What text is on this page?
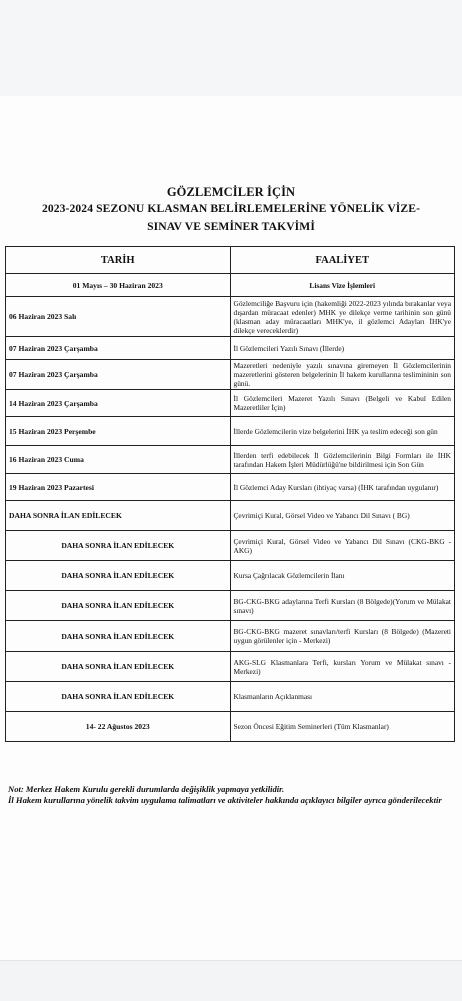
GÖZLEMCİLER İÇİN
2023-2024 SEZONU KLASMAN BELİRLEMELERİNE YÖNELİK VİZE-
SINAV VE SEMİNER TAKVİMİ
TARİH	FAALİYET
01 Mayıs – 30 Haziran 2023	Lisans Vize İşlemleri
06 Haziran 2023 Salı	Gözlemciliğe Başvuru için (hakemliği 2022-2023 yılında bırakanlar veya dışardan müracaat edenler) MHK ye dilekçe verme tarihinin son günü (klasman aday müracaatları MHK'ye, il gözlemci Adayları İHK'ye dilekçe vereceklerdir)
07 Haziran 2023 Çarşamba	İl Gözlemcileri Yazılı Sınavı (İllerde)
07 Haziran 2023 Çarşamba	Mazeretleri nedeniyle yazılı sınavına giremeyen İl Gözlemcilerinin mazeretlerini gösteren belgelerinin İl hakem kurullarına teslimininin son günü.
14 Haziran 2023 Çarşamba	İl Gözlemcileri Mazeret Yazılı Sınavı (Belgeli ve Kabul Edilen Mazeretliler İçin)
15 Haziran 2023 Perşembe	İllerde Gözlemcilerin vize belgelerini İHK ya teslim edeceği son gün
16 Haziran 2023 Cuma	İllerden terfi edebilecek İl Gözlemcilerinin Bilgi Formları ile İHK tarafından Hakem İşleri Müdürlüğü'ne bildirilmesi için Son Gün
19 Haziran 2023 Pazartesi	İl Gözlemci Aday Kursları (ihtiyaç varsa) (İHK tarafından uygulanır)
DAHA SONRA İLAN EDİLECEK	Çevrimiçi Kural, Görsel Video ve Yabancı Dil Sınavı ( BG)
DAHA SONRA İLAN EDİLECEK	Çevrimiçi Kural, Görsel Video ve Yabancı Dil Sınavı (CKG-BKG - AKG)
DAHA SONRA İLAN EDİLECEK	Kursa Çağrılacak Gözlemcilerin İlanı
DAHA SONRA İLAN EDİLECEK	BG-CKG-BKG adaylarına Terfi Kursları (8 Bölgede)(Yorum ve Mülakat sınavı)
DAHA SONRA İLAN EDİLECEK	BG-CKG-BKG mazeret sınavları/terfi Kursları (8 Bölgede) (Mazereti uygun görülenler için - Merkezi)
DAHA SONRA İLAN EDİLECEK	AKG-SLG Klasmanlara Terfi, kursları Yorum ve Mülakat sınavı - Merkezi)
DAHA SONRA İLAN EDİLECEK	Klasmanların Açıklanması
14- 22 Ağustos 2023	Sezon Öncesi Eğitim Seminerleri (Tüm Klasmanlar)
Not: Merkez Hakem Kurulu gerekli durumlarda değişiklik yapmaya yetkilidir.
İl Hakem kurullarına yönelik takvim uygulama talimatları ve aktiviteler hakkında açıklayıcı bilgiler ayrıca gönderilecektir
